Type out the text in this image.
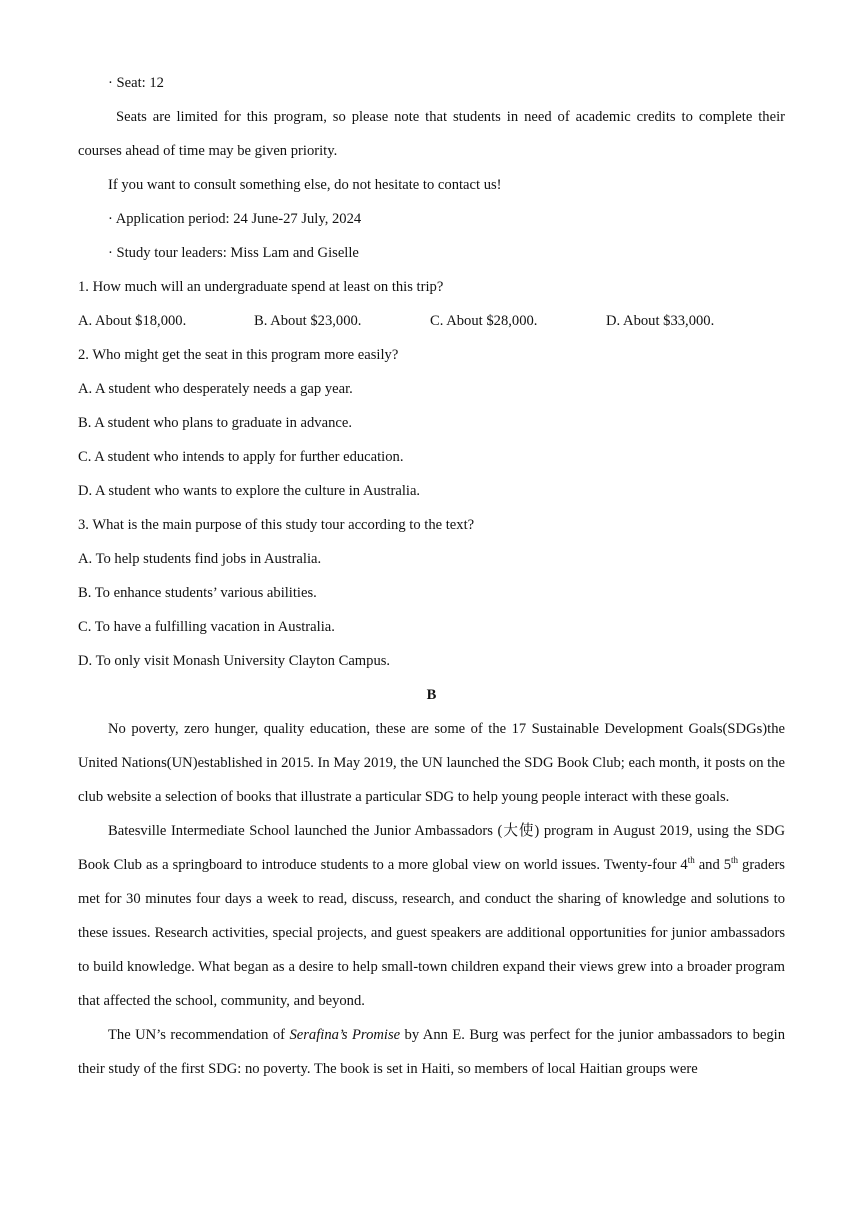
· Seat: 12

Seats are limited for this program, so please note that students in need of academic credits to complete their courses ahead of time may be given priority.

If you want to consult something else, do not hesitate to contact us!
· Application period: 24 June-27 July, 2024
· Study tour leaders: Miss Lam and Giselle
1. How much will an undergraduate spend at least on this trip?
A. About $18,000.	B. About $23,000.	C. About $28,000.	D. About $33,000.
2. Who might get the seat in this program more easily?
A. A student who desperately needs a gap year.
B. A student who plans to graduate in advance.
C. A student who intends to apply for further education.
D. A student who wants to explore the culture in Australia.
3. What is the main purpose of this study tour according to the text?
A. To help students find jobs in Australia.
B. To enhance students’ various abilities.
C. To have a fulfilling vacation in Australia.
D. To only visit Monash University Clayton Campus.
B

No poverty, zero hunger, quality education, these are some of the 17 Sustainable Development Goals(SDGs)the United Nations(UN)established in 2015. In May 2019, the UN launched the SDG Book Club; each month, it posts on the club website a selection of books that illustrate a particular SDG to help young people interact with these goals.

Batesville Intermediate School launched the Junior Ambassadors (大使) program in August 2019, using the SDG Book Club as a springboard to introduce students to a more global view on world issues. Twenty-four 4th and 5th graders met for 30 minutes four days a week to read, discuss, research, and conduct the sharing of knowledge and solutions to these issues. Research activities, special projects, and guest speakers are additional opportunities for junior ambassadors to build knowledge. What began as a desire to help small-town children expand their views grew into a broader program that affected the school, community, and beyond.

The UN’s recommendation of Serafina’s Promise by Ann E. Burg was perfect for the junior ambassadors to begin their study of the first SDG: no poverty. The book is set in Haiti, so members of local Haitian groups were
